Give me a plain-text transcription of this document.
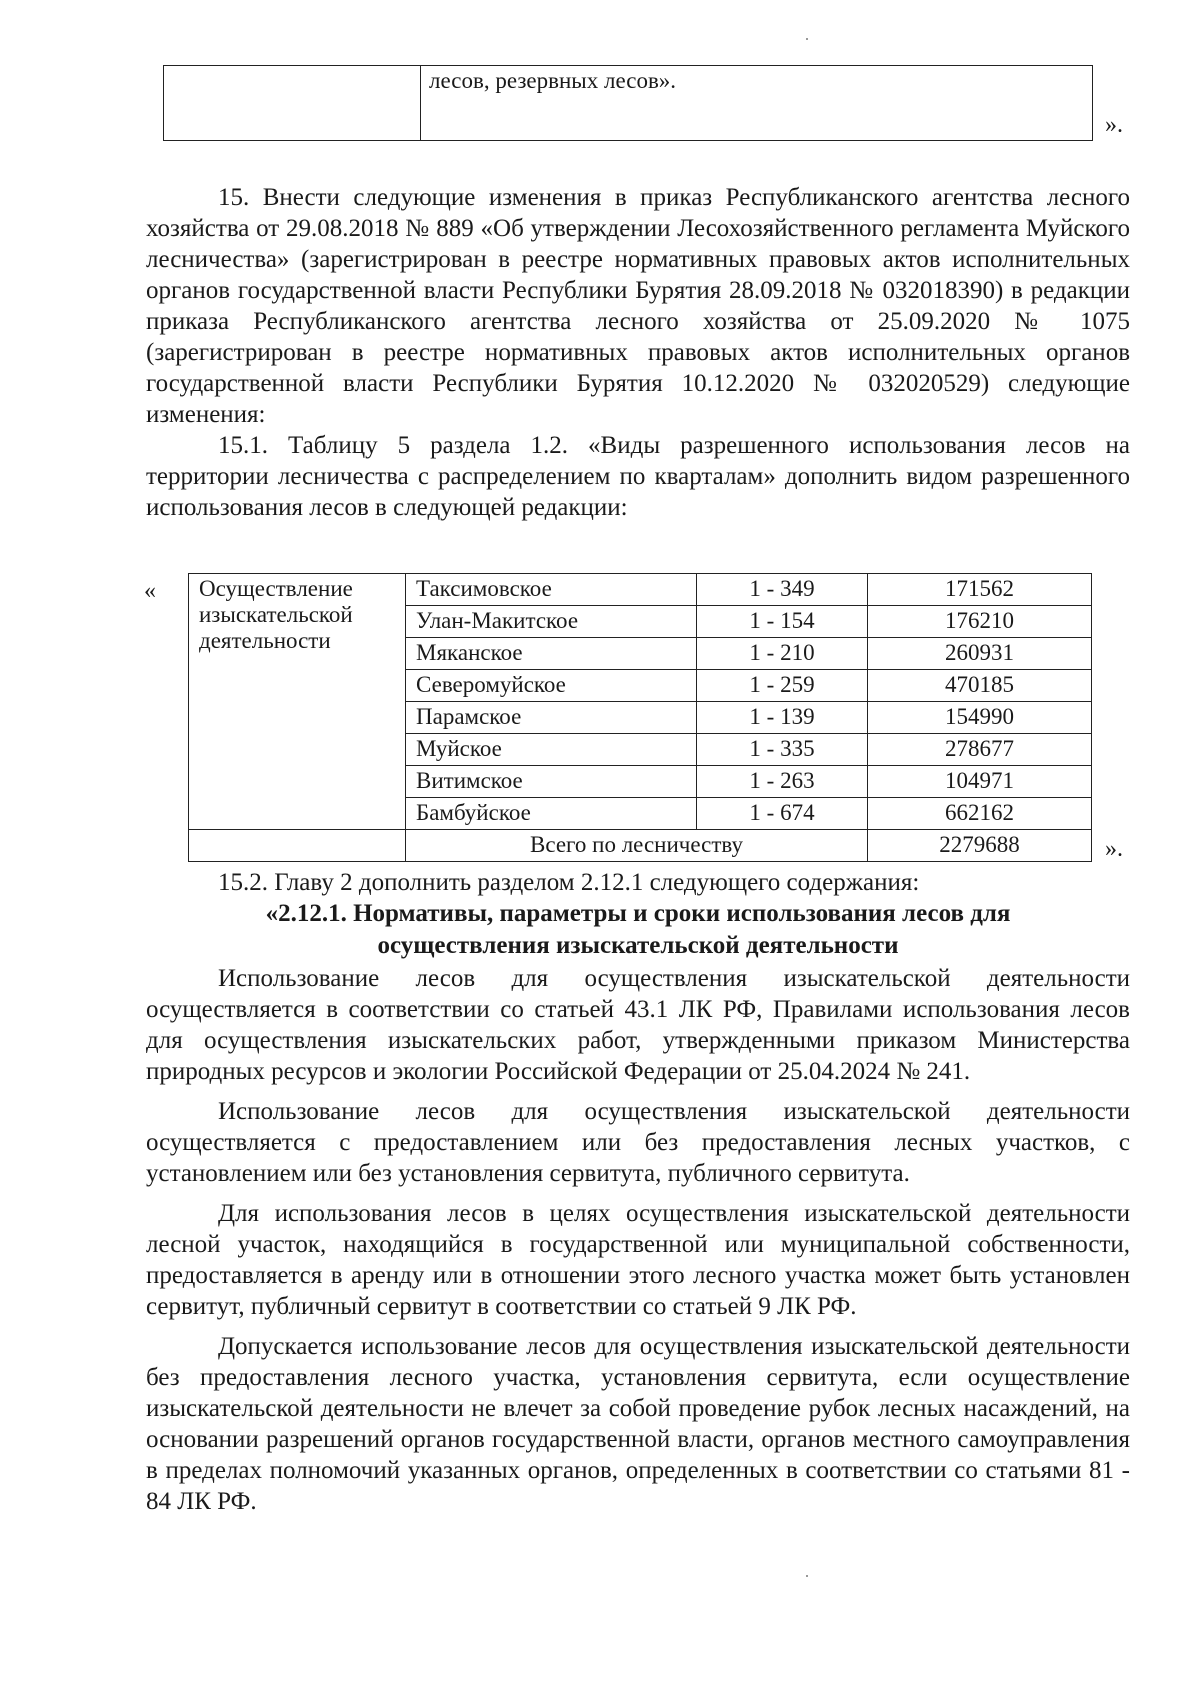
	лесов, резервных лесов».
».

15. Внести следующие изменения в приказ Республиканского агентства лесного хозяйства от 29.08.2018 № 889 «Об утверждении Лесохозяйственного регламента Муйского лесничества» (зарегистрирован в реестре нормативных правовых актов исполнительных органов государственной власти Республики Бурятия 28.09.2018 № 032018390) в редакции приказа Республиканского агентства лесного хозяйства от 25.09.2020 № 1075 (зарегистрирован в реестре нормативных правовых актов исполнительных органов государственной власти Республики Бурятия 10.12.2020 № 032020529) следующие изменения:

15.1. Таблицу 5 раздела 1.2. «Виды разрешенного использования лесов на территории лесничества с распределением по кварталам» дополнить видом разрешенного использования лесов в следующей редакции:

« Осуществление изыскательской деятельности	Таксимовское	1 - 349	171562
	Улан-Макитское	1 - 154	176210
	Мяканское	1 - 210	260931
	Северомуйское	1 - 259	470185
	Парамское	1 - 139	154990
	Муйское	1 - 335	278677
	Витимское	1 - 263	104971
	Бамбуйское	1 - 674	662162
	Всего по лесничеству		2279688	».

15.2. Главу 2 дополнить разделом 2.12.1 следующего содержания:

«2.12.1. Нормативы, параметры и сроки использования лесов для

осуществления изыскательской деятельности

Использование лесов для осуществления изыскательской деятельности осуществляется в соответствии со статьей 43.1 ЛК РФ, Правилами использования лесов для осуществления изыскательских работ, утвержденными приказом Министерства природных ресурсов и экологии Российской Федерации от 25.04.2024 № 241.

Использование лесов для осуществления изыскательской деятельности осуществляется с предоставлением или без предоставления лесных участков, с установлением или без установления сервитута, публичного сервитута.

Для использования лесов в целях осуществления изыскательской деятельности лесной участок, находящийся в государственной или муниципальной собственности, предоставляется в аренду или в отношении этого лесного участка может быть установлен сервитут, публичный сервитут в соответствии со статьей 9 ЛК РФ.

Допускается использование лесов для осуществления изыскательской деятельности без предоставления лесного участка, установления сервитута, если осуществление изыскательской деятельности не влечет за собой проведение рубок лесных насаждений, на основании разрешений органов государственной власти, органов местного самоуправления в пределах полномочий указанных органов, определенных в соответствии со статьями 81 - 84 ЛК РФ.
